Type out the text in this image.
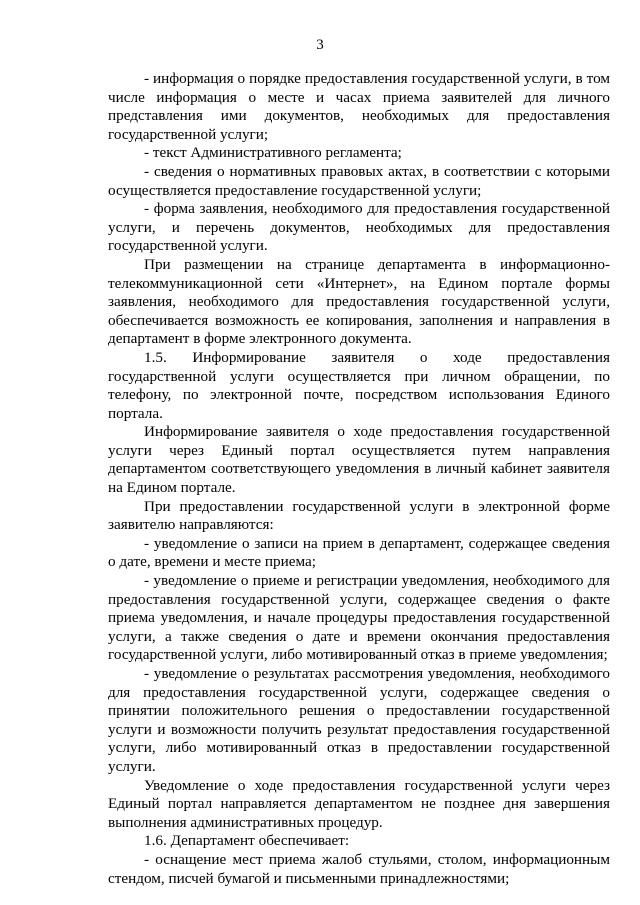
3

- информация о порядке предоставления государственной услуги, в том числе информация о месте и часах приема заявителей для личного представления ими документов, необходимых для предоставления государственной услуги;

- текст Административного регламента;

- сведения о нормативных правовых актах, в соответствии с которыми осуществляется предоставление государственной услуги;

- форма заявления, необходимого для предоставления государственной услуги, и перечень документов, необходимых для предоставления государственной услуги.

При размещении на странице департамента в информационно-телекоммуникационной сети «Интернет», на Едином портале формы заявления, необходимого для предоставления государственной услуги, обеспечивается возможность ее копирования, заполнения и направления в департамент в форме электронного документа.

1.5. Информирование заявителя о ходе предоставления государственной услуги осуществляется при личном обращении, по телефону, по электронной почте, посредством использования Единого портала.

Информирование заявителя о ходе предоставления государственной услуги через Единый портал осуществляется путем направления департаментом соответствующего уведомления в личный кабинет заявителя на Едином портале.

При предоставлении государственной услуги в электронной форме заявителю направляются:

- уведомление о записи на прием в департамент, содержащее сведения о дате, времени и месте приема;

- уведомление о приеме и регистрации уведомления, необходимого для предоставления государственной услуги, содержащее сведения о факте приема уведомления, и начале процедуры предоставления государственной услуги, а также сведения о дате и времени окончания предоставления государственной услуги, либо мотивированный отказ в приеме уведомления;

- уведомление о результатах рассмотрения уведомления, необходимого для предоставления государственной услуги, содержащее сведения о принятии положительного решения о предоставлении государственной услуги и возможности получить результат предоставления государственной услуги, либо мотивированный отказ в предоставлении государственной услуги.

Уведомление о ходе предоставления государственной услуги через Единый портал направляется департаментом не позднее дня завершения выполнения административных процедур.

1.6. Департамент обеспечивает:

- оснащение мест приема жалоб стульями, столом, информационным стендом, писчей бумагой и письменными принадлежностями;
